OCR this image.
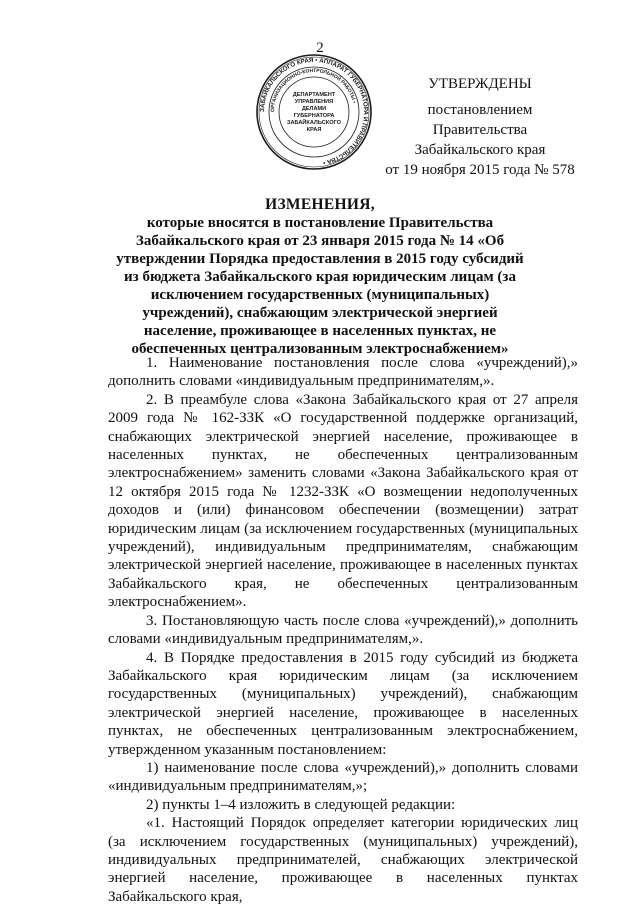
2
ЗАБАЙКАЛЬСКОГО КРАЯ • АППАРАТ ГУБЕРНАТОРА И ПРАВИТЕЛЬСТВА •
ОРГАНИЗАЦИОННО-КОНТРОЛЬНОЙ РАБОТЫ •
ДЕПАРТАМЕНТ
УПРАВЛЕНИЯ
ДЕЛАМИ
ГУБЕРНАТОРА
ЗАБАЙКАЛЬСКОГО
КРАЯ
УТВЕРЖДЕНЫ
постановлением Правительства
Забайкальского края
от 19 ноября 2015 года № 578
ИЗМЕНЕНИЯ,
которые вносятся в постановление Правительства Забайкальского края от 23 января 2015 года № 14 «Об утверждении Порядка предоставления в 2015 году субсидий из бюджета Забайкальского края юридическим лицам (за исключением государственных (муниципальных) учреждений), снабжающим электрической энергией население, проживающее в населенных пунктах, не обеспеченных централизованным электроснабжением»

1. Наименование постановления после слова «учреждений),» дополнить словами «индивидуальным предпринимателям,».

2. В преамбуле слова «Закона Забайкальского края от 27 апреля 2009 года № 162-ЗЗК «О государственной поддержке организаций, снабжающих электрической энергией население, проживающее в населенных пунктах, не обеспеченных централизованным электроснабжением» заменить словами «Закона Забайкальского края от 12 октября 2015 года № 1232-ЗЗК «О возмещении недополученных доходов и (или) финансовом обеспечении (возмещении) затрат юридическим лицам (за исключением государственных (муниципальных учреждений), индивидуальным предпринимателям, снабжающим электрической энергией население, проживающее в населенных пунктах Забайкальского края, не обеспеченных централизованным электроснабжением».

3. Постановляющую часть после слова «учреждений),» дополнить словами «индивидуальным предпринимателям,».

4. В Порядке предоставления в 2015 году субсидий из бюджета Забайкальского края юридическим лицам (за исключением государственных (муниципальных) учреждений), снабжающим электрической энергией население, проживающее в населенных пунктах, не обеспеченных централизованным электроснабжением, утвержденном указанным постановлением:

1) наименование после слова «учреждений),» дополнить словами «индивидуальным предпринимателям,»;

2) пункты 1–4 изложить в следующей редакции:

«1. Настоящий Порядок определяет категории юридических лиц (за исключением государственных (муниципальных) учреждений), индивидуальных предпринимателей, снабжающих электрической энергией население, проживающее в населенных пунктах Забайкальского края,
